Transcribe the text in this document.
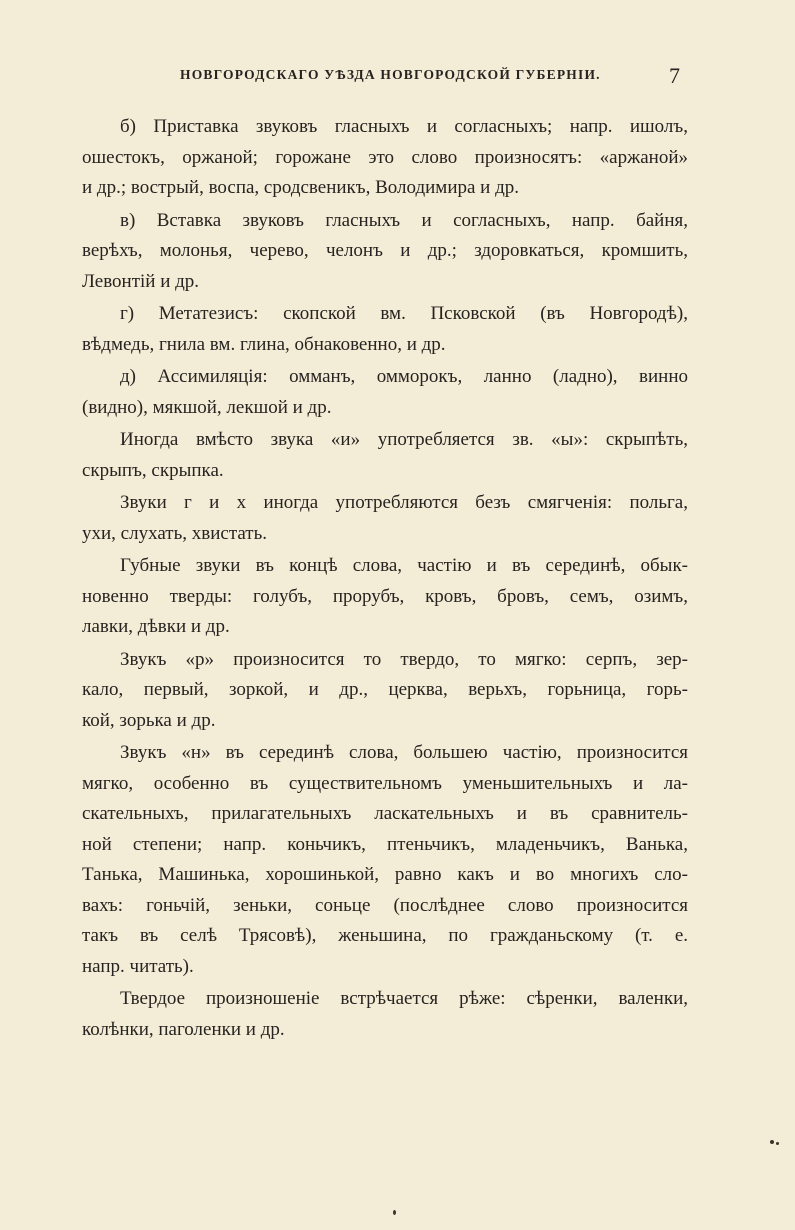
НОВГОРОДСКАГО УѢЗДА НОВГОРОДСКОЙ ГУБЕРНІИ.	7

б) Приставка звуковъ гласныхъ и согласныхъ; напр. ишолъ,
ошестокъ, оржаной; горожане это слово произносятъ: «аржаной»
и др.; вострый, воспа, сродсвеникъ, Володимира и др.

в) Вставка звуковъ гласныхъ и согласныхъ, напр. байня,
верѣхъ, молонья, черево, челонъ и др.; здоровкаться, кромшить,
Левонтій и др.

г) Метатезисъ: скопской вм. Псковской (въ Новгородѣ),
вѣдмедь, гнила вм. глина, обнаковенно, и др.

д) Ассимиляція: омманъ, омморокъ, ланно (ладно), винно
(видно), мякшой, лекшой и др.

Иногда вмѣсто звука «и» употребляется зв. «ы»: скрыпѣть,
скрыпъ, скрыпка.

Звуки г и х иногда употребляются безъ смягченія: польга,
ухи, слухать, хвистать.

Губные звуки въ концѣ слова, частію и въ серединѣ, обык-
новенно тверды: голубъ, прорубъ, кровъ, бровъ, семъ, озимъ,
лавки, дѣвки и др.

Звукъ «р» произносится то твердо, то мягко: серпъ, зер-
кало, первый, зоркой, и др., церква, верьхъ, горьница, горь-
кой, зорька и др.

Звукъ «н» въ серединѣ слова, большею частію, произносится
мягко, особенно въ существительномъ уменьшительныхъ и ла-
скательныхъ, прилагательныхъ ласкательныхъ и въ сравнитель-
ной степени; напр. коньчикъ, птеньчикъ, младеньчикъ, Ванька,
Танька, Машинька, хорошинькой, равно какъ и во многихъ сло-
вахъ: гоньчій, зеньки, соньце (послѣднее слово произносится
такъ въ селѣ Трясовѣ), женьшина, по гражданьскому (т. е.
напр. читать).

Твердое произношеніе встрѣчается рѣже: сѣренки, валенки,
колѣнки, паголенки и др.
